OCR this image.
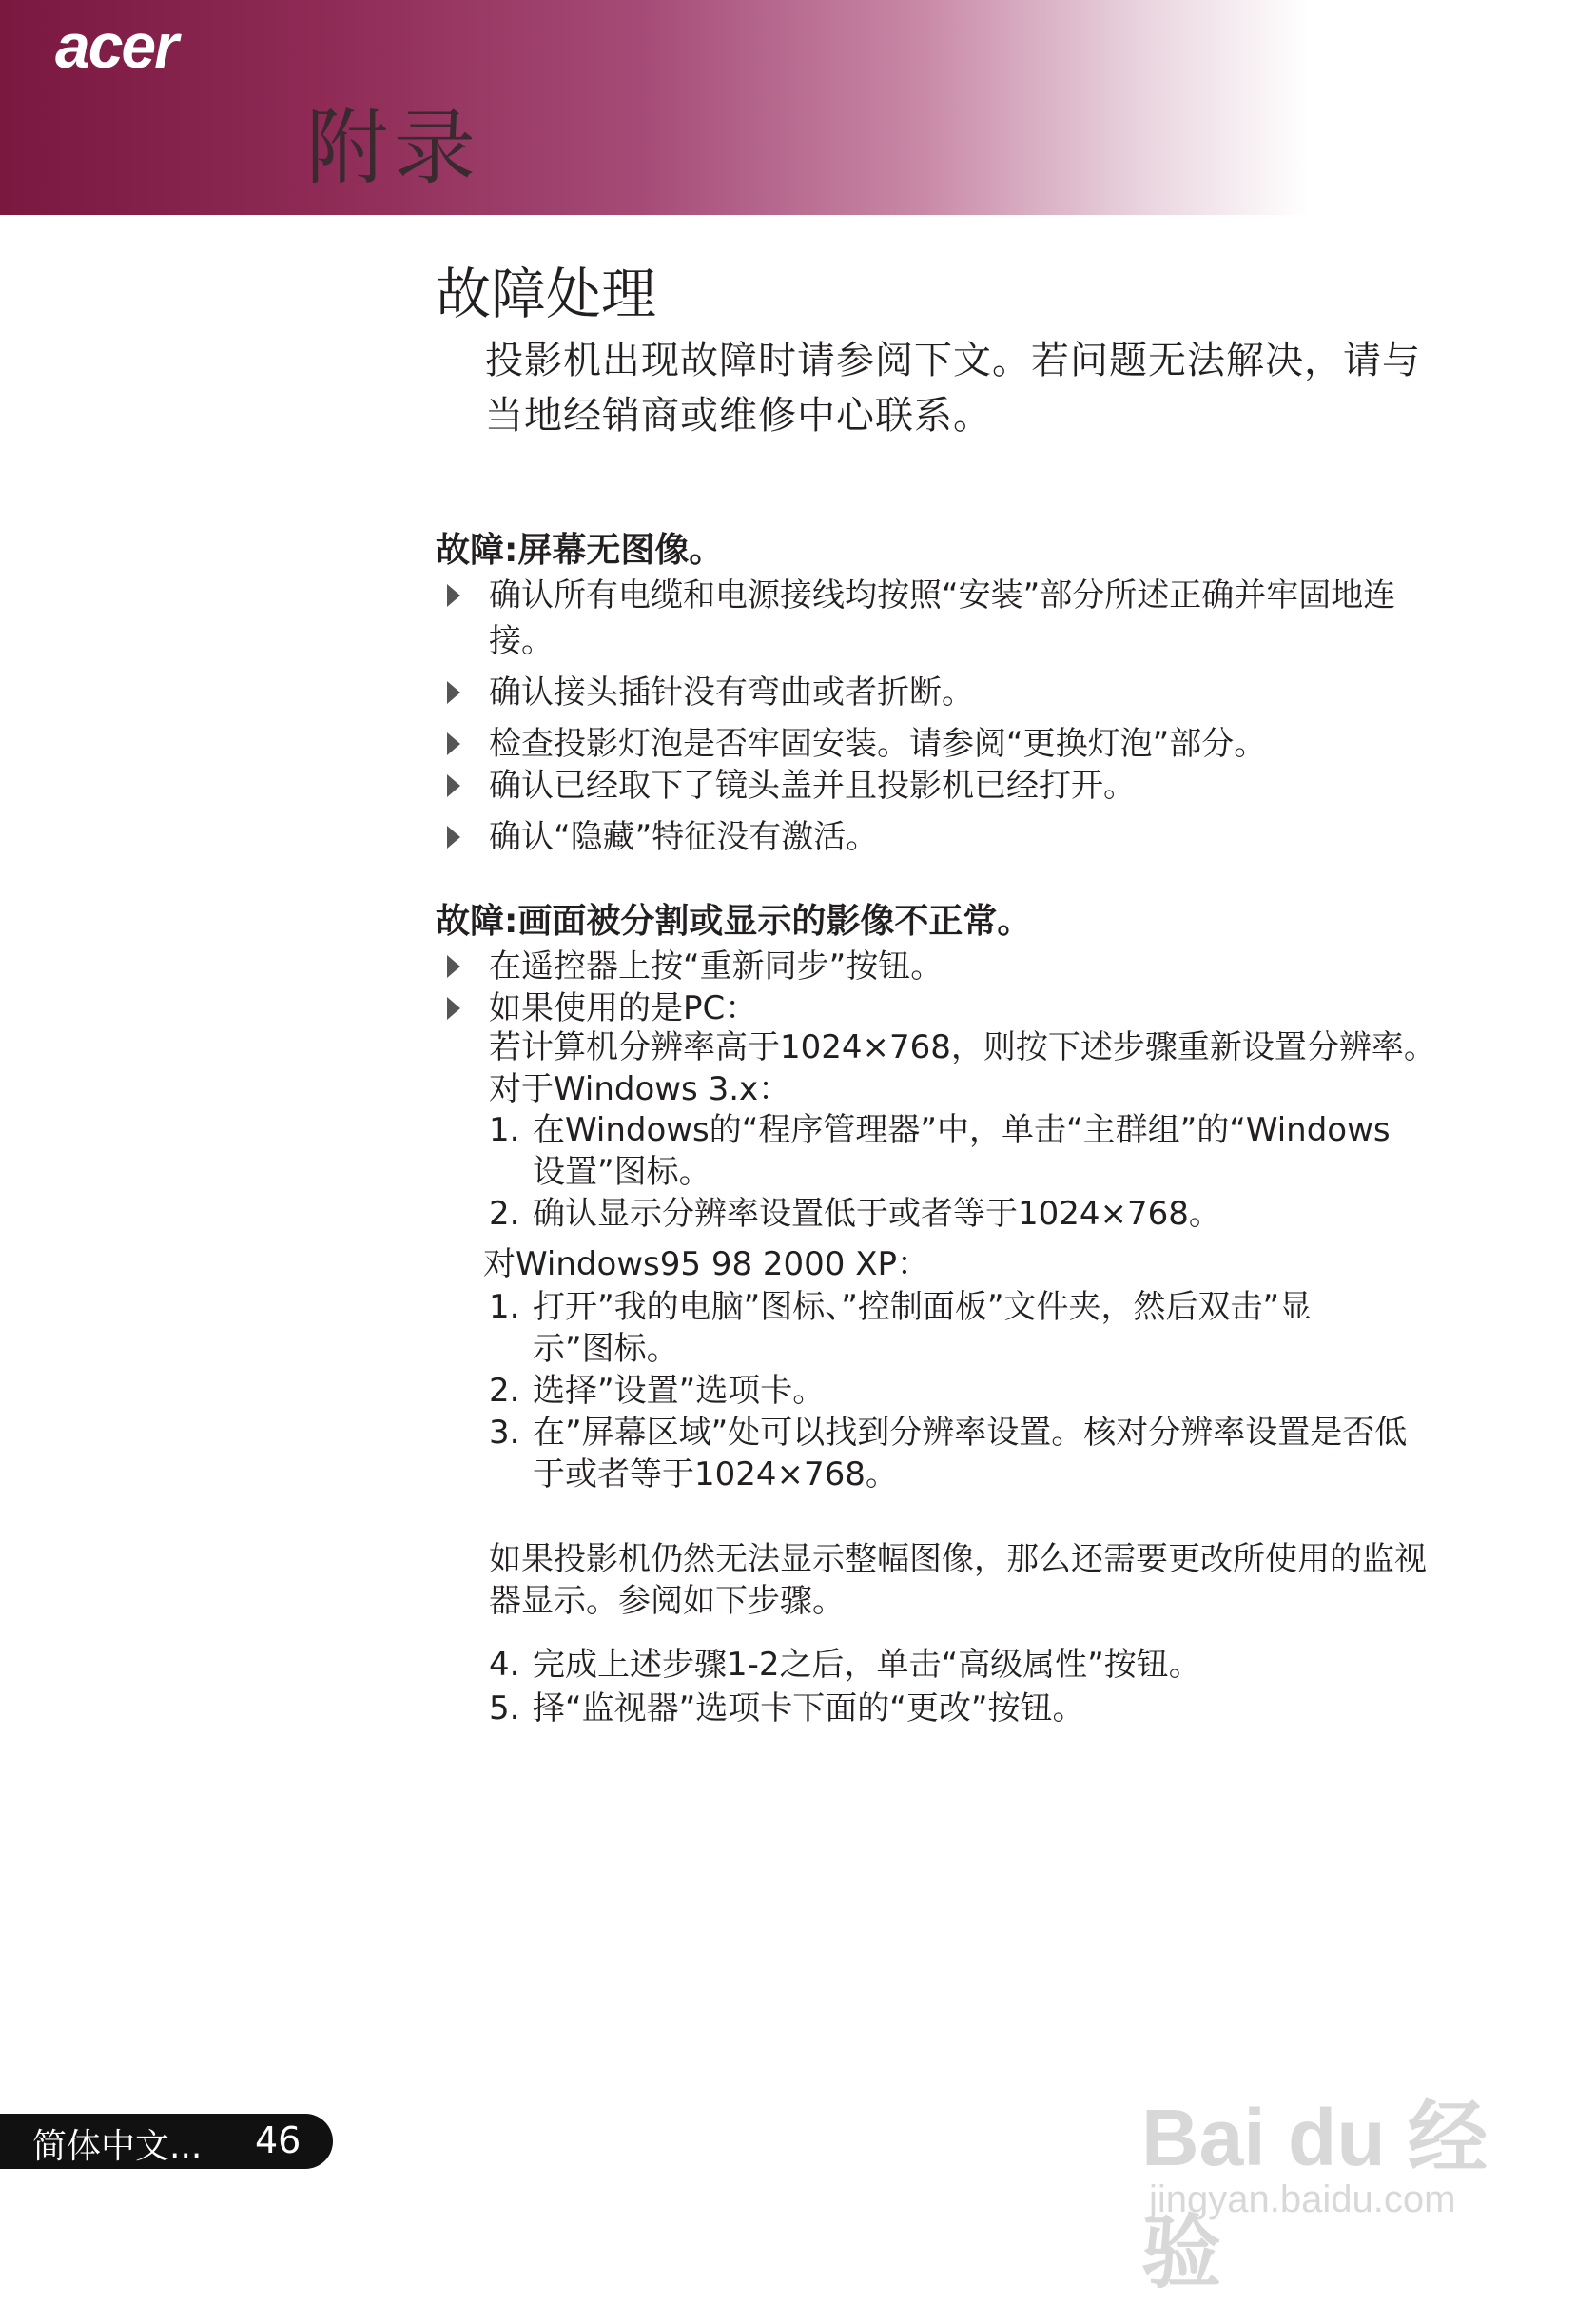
acer
附录
故障处理

投影机出现故障时请参阅下文。若问题无法解决，请与
当地经销商或维修中心联系。

故障:屏幕无图像。
确认所有电缆和电源接线均按照“安装”部分所述正确并牢固地连
接。
确认接头插针没有弯曲或者折断。
检查投影灯泡是否牢固安装。请参阅“更换灯泡”部分。
确认已经取下了镜头盖并且投影机已经打开。
确认“隐藏”特征没有激活。
故障:画面被分割或显示的影像不正常。
在遥控器上按“重新同步”按钮。
如果使用的是PC：
若计算机分辨率高于1024×768，则按下述步骤重新设置分辨率。
对于Windows 3.x：
1. 在Windows的“程序管理器”中，单击“主群组”的“Windows
设置”图标。
2. 确认显示分辨率设置低于或者等于1024×768。
对Windows95 98 2000 XP：
1. 打开”我的电脑”图标、”控制面板”文件夹，然后双击”显
示”图标。
2. 选择”设置”选项卡。
3. 在”屏幕区域”处可以找到分辨率设置。核对分辨率设置是否低
于或者等于1024×768。
如果投影机仍然无法显示整幅图像，那么还需要更改所使用的监视
器显示。参阅如下步骤。
4. 完成上述步骤1-2之后，单击“高级属性”按钮。
5. 择“监视器”选项卡下面的“更改”按钮。
简体中文... 46	Bai du 经验
jingyan.baidu.com
